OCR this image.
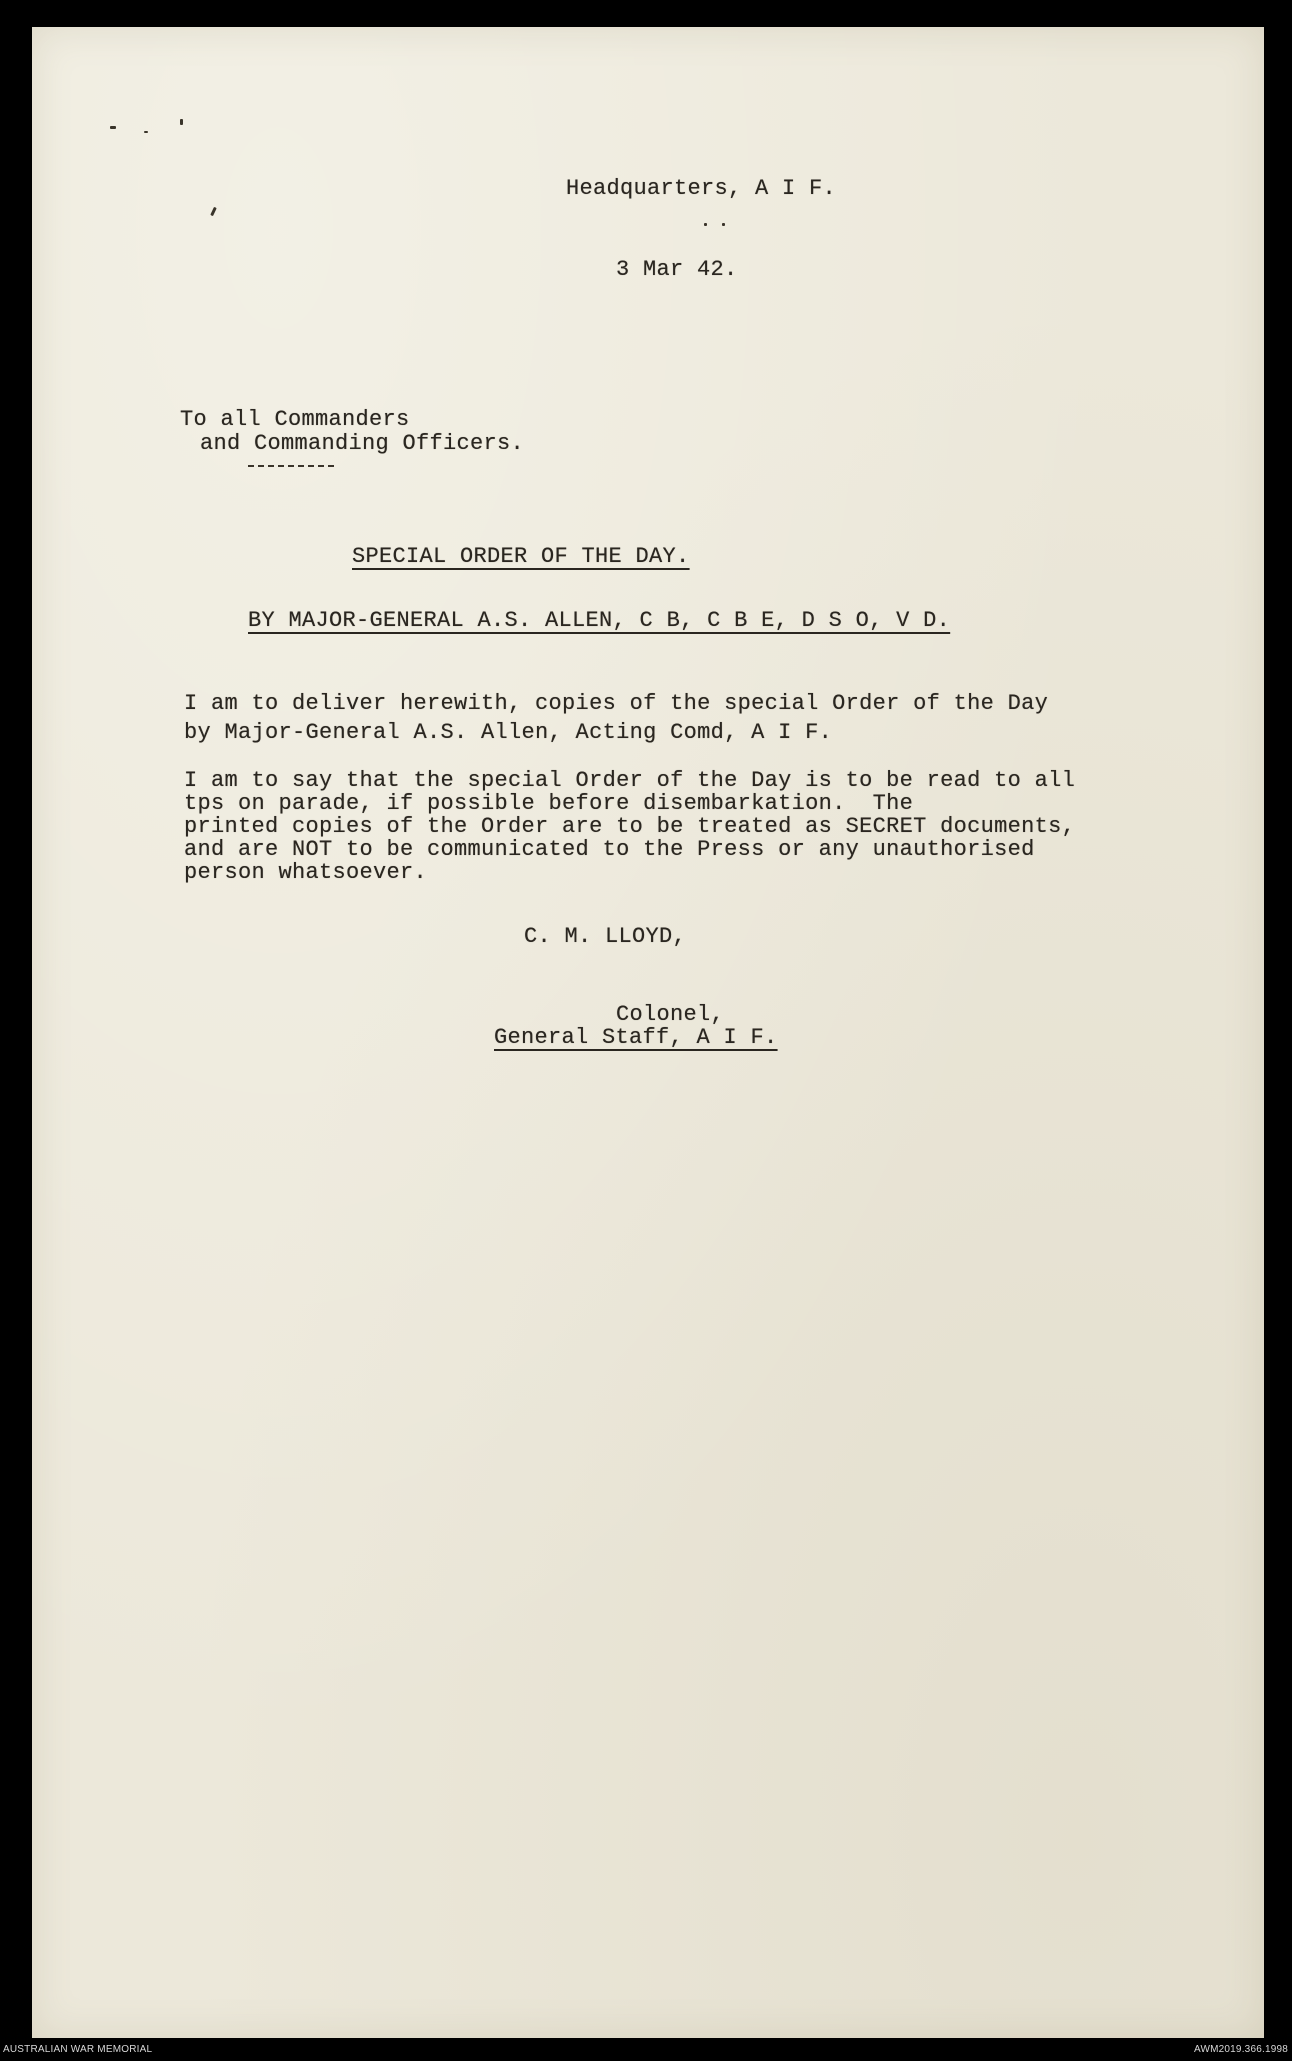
Headquarters, A I F.
3 Mar 42.
To all Commanders
and Commanding Officers.
SPECIAL ORDER OF THE DAY.
BY MAJOR-GENERAL A.S. ALLEN, C B, C B E, D S O, V D.
I am to deliver herewith, copies of the special Order of the Day
by Major-General A.S. Allen, Acting Comd, A I F.
I am to say that the special Order of the Day is to be read to all
tps on parade, if possible before disembarkation.  The
printed copies of the Order are to be treated as SECRET documents,
and are NOT to be communicated to the Press or any unauthorised
person whatsoever.
C. M. LLOYD,
Colonel,
General Staff, A I F.
AUSTRALIAN WAR MEMORIAL	AWM2019.366.1998
